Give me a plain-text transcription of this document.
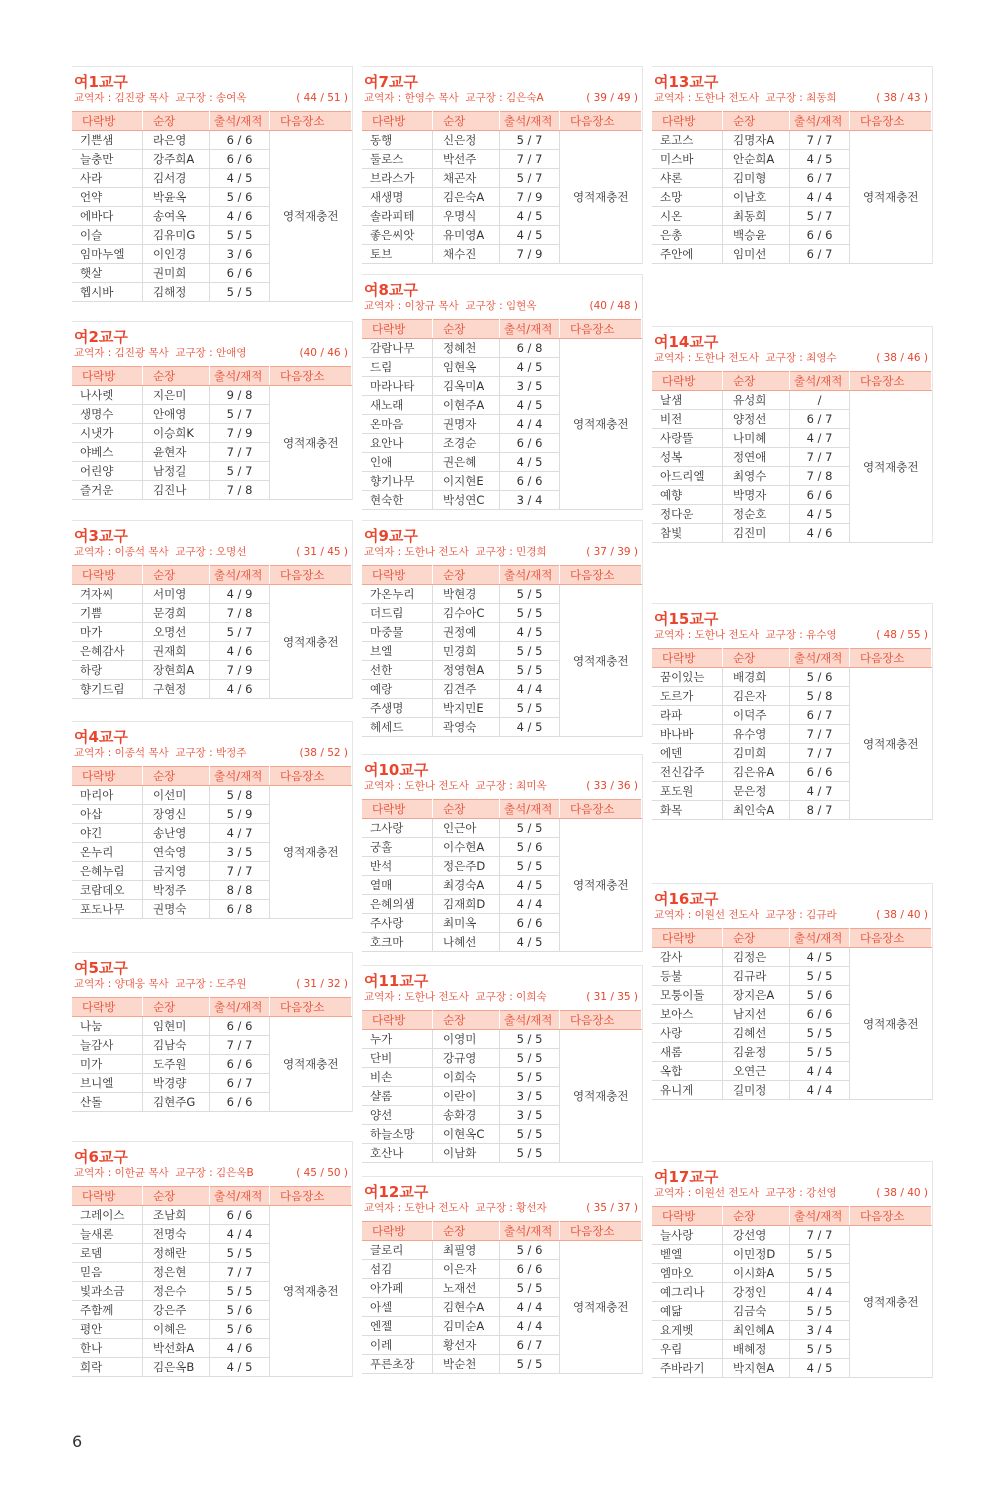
여1교구
교역자 : 김진광 목사 교구장 : 송여옥	( 44 / 51 )
다락방	순장	출석/재적	다음장소
기쁜샘	라은영	6 / 6	영적재충전
늘충만	강주희A	6 / 6	
사라	김서경	4 / 5	
언약	박윤옥	5 / 6	
에바다	송여옥	4 / 6	
이슬	김유미G	5 / 5	
임마누엘	이인경	3 / 6	
햇살	권미희	6 / 6	
헵시바	김해정	5 / 5	
여2교구
교역자 : 김진광 목사 교구장 : 안애영	(40 / 46 )
다락방	순장	출석/재적	다음장소
나사렛	지은미	9 / 8	영적재충전
생명수	안애영	5 / 7	
시냇가	이승희K	7 / 9	
야베스	윤현자	7 / 7	
어린양	남정길	5 / 7	
즐거운	김진나	7 / 8	
여3교구
교역자 : 이종석 목사 교구장 : 오명선	( 31 / 45 )
다락방	순장	출석/재적	다음장소
겨자씨	서미영	4 / 9	영적재충전
기쁨	문경희	7 / 8	
마가	오명선	5 / 7	
은혜감사	권재희	4 / 6	
하랑	장현희A	7 / 9	
향기드림	구현정	4 / 6	
여4교구
교역자 : 이종석 목사 교구장 : 박정주	(38 / 52 )
다락방	순장	출석/재적	다음장소
마리아	이선미	5 / 8	영적재충전
아삽	장영신	5 / 9	
야긴	송난영	4 / 7	
온누리	연숙영	3 / 5	
은혜누림	금지영	7 / 7	
코람데오	박정주	8 / 8	
포도나무	권명숙	6 / 8	
여5교구
교역자 : 양대웅 목사 교구장 : 도주원	( 31 / 32 )
다락방	순장	출석/재적	다음장소
나눔	임현미	6 / 6	영적재충전
늘감사	김남숙	7 / 7	
미가	도주원	6 / 6	
브니엘	박경량	6 / 7	
산돌	김현주G	6 / 6	
여6교구
교역자 : 이한균 목사 교구장 : 김은옥B	( 45 / 50 )
다락방	순장	출석/재적	다음장소
그레이스	조남희	6 / 6	영적재충전
늘새론	전명숙	4 / 4	
로뎀	정해란	5 / 5	
믿음	정은현	7 / 7	
빛과소금	정은수	5 / 5	
주함께	강은주	5 / 6	
평안	이혜은	5 / 6	
한나	박선화A	4 / 6	
희락	김은옥B	4 / 5	
여7교구
교역자 : 한영수 목사 교구장 : 김은숙A	( 39 / 49 )
다락방	순장	출석/재적	다음장소
동행	신은정	5 / 7	영적재충전
둘로스	박선주	7 / 7	
브라스가	채곤자	5 / 7	
새생명	김은숙A	7 / 9	
솔라피테	우명식	4 / 5	
좋은씨앗	유미영A	4 / 5	
토브	채수진	7 / 9	
여8교구
교역자 : 이창규 목사 교구장 : 임현옥	(40 / 48 )
다락방	순장	출석/재적	다음장소
감람나무	정혜천	6 / 8	영적재충전
드림	임현옥	4 / 5	
마라나타	김옥미A	3 / 5	
새노래	이현주A	4 / 5	
온마음	권명자	4 / 4	
요안나	조경순	6 / 6	
인애	권은혜	4 / 5	
향기나무	이지현E	6 / 6	
현숙한	박성연C	3 / 4	
여9교구
교역자 : 도한나 전도사 교구장 : 민경희	( 37 / 39 )
다락방	순장	출석/재적	다음장소
가온누리	박현경	5 / 5	영적재충전
더드림	김수아C	5 / 5	
마중물	권정예	4 / 5	
브엘	민경희	5 / 5	
선한	정영현A	5 / 5	
예랑	김견주	4 / 4	
주생명	박지민E	5 / 5	
헤세드	곽영숙	4 / 5	
여10교구
교역자 : 도한나 전도사 교구장 : 최미옥	( 33 / 36 )
다락방	순장	출석/재적	다음장소
그사랑	인근아	5 / 5	영적재충전
궁홀	이수현A	5 / 6	
반석	정은주D	5 / 5	
열매	최경숙A	4 / 5	
은혜의샘	김재희D	4 / 4	
주사랑	최미옥	6 / 6	
호크마	나혜선	4 / 5	
여11교구
교역자 : 도한나 전도사 교구장 : 이희숙	( 31 / 35 )
다락방	순장	출석/재적	다음장소
누가	이영미	5 / 5	영적재충전
단비	강규영	5 / 5	
비손	이희숙	5 / 5	
샬롬	이란이	3 / 5	
양선	송화경	3 / 5	
하늘소망	이현옥C	5 / 5	
호산나	이남화	5 / 5	
여12교구
교역자 : 도한나 전도사 교구장 : 황선자	( 35 / 37 )
다락방	순장	출석/재적	다음장소
글로리	최필영	5 / 6	영적재충전
섬김	이은자	6 / 6	
아가페	노재선	5 / 5	
아셀	김현수A	4 / 4	
엔젤	김미순A	4 / 4	
이레	황선자	6 / 7	
푸른초장	박순천	5 / 5	
여13교구
교역자 : 도한나 전도사 교구장 : 최동희	( 38 / 43 )
다락방	순장	출석/재적	다음장소
로고스	김명자A	7 / 7	영적재충전
미스바	안순희A	4 / 5	
샤론	김미형	6 / 7	
소망	이남호	4 / 4	
시온	최동희	5 / 7	
은총	백승윤	6 / 6	
주안에	임미선	6 / 7	
여14교구
교역자 : 도한나 전도사 교구장 : 최영수	( 38 / 46 )
다락방	순장	출석/재적	다음장소
날샘	유성희	/	영적재충전
비전	양정선	6 / 7	
사랑뜰	나미혜	4 / 7	
성복	정연애	7 / 7	
아드리엘	최영수	7 / 8	
예향	박명자	6 / 6	
정다운	정순호	4 / 5	
참빛	김진미	4 / 6	
여15교구
교역자 : 도한나 전도사 교구장 : 유수영	( 48 / 55 )
다락방	순장	출석/재적	다음장소
꿈이있는	배경희	5 / 6	영적재충전
도르가	김은자	5 / 8	
라파	이덕주	6 / 7	
바나바	유수영	7 / 7	
에덴	김미희	7 / 7	
전신갑주	김은유A	6 / 6	
포도원	문은정	4 / 7	
화목	최인숙A	8 / 7	
여16교구
교역자 : 이원선 전도사 교구장 : 김규라	( 38 / 40 )
다락방	순장	출석/재적	다음장소
감사	김정은	4 / 5	영적재충전
등불	김규라	5 / 5	
모퉁이돌	장지은A	5 / 6	
보아스	남지선	6 / 6	
사랑	김혜선	5 / 5	
새롬	김윤정	5 / 5	
옥합	오연근	4 / 4	
유니게	길미정	4 / 4	
여17교구
교역자 : 이원선 전도사 교구장 : 강선영	( 38 / 40 )
다락방	순장	출석/재적	다음장소
늘사랑	강선영	7 / 7	영적재충전
벧엘	이민정D	5 / 5	
엠마오	이시화A	5 / 5	
예그리나	강정인	4 / 4	
예닮	김금숙	5 / 5	
요게벳	최인혜A	3 / 4	
우림	배혜정	5 / 5	
주바라기	박지현A	4 / 5	
6
